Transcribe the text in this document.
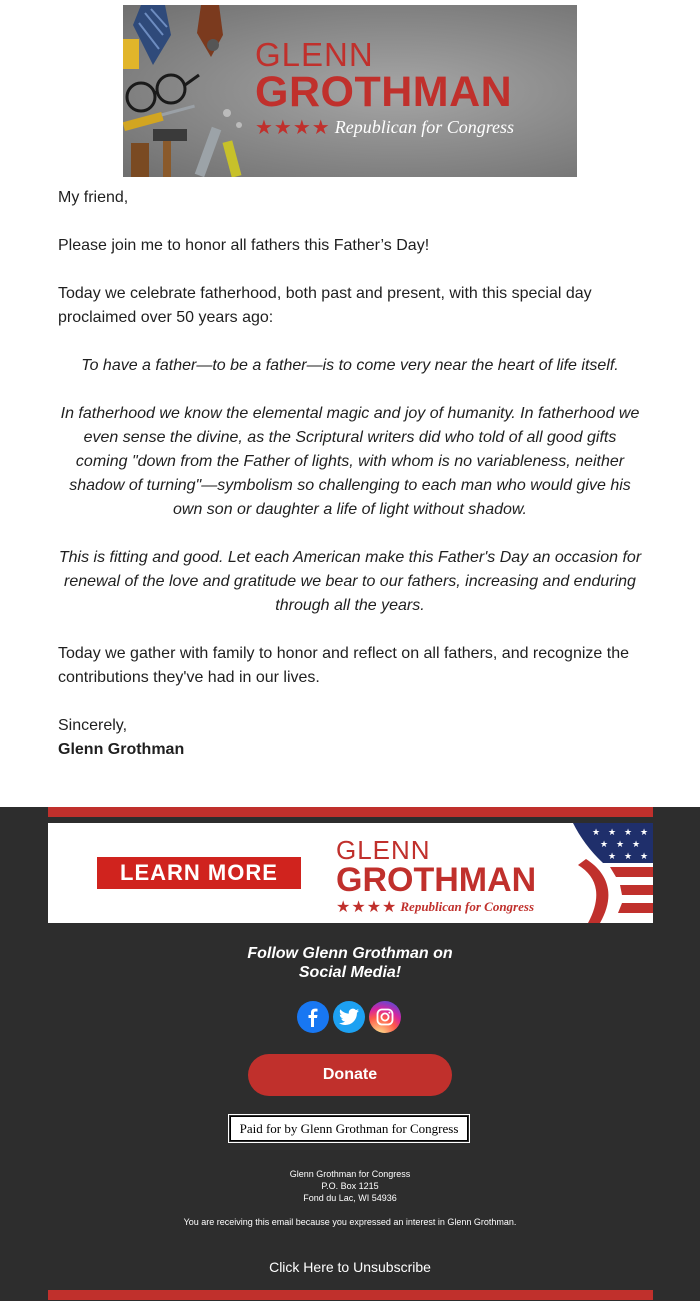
GLENN
GROTHMAN
★★★★ Republican for Congress

My friend,

Please join me to honor all fathers this Father’s Day!

Today we celebrate fatherhood, both past and present, with this special day proclaimed over 50 years ago:

To have a father—to be a father—is to come very near the heart of life itself.

In fatherhood we know the elemental magic and joy of humanity. In fatherhood we even sense the divine, as the Scriptural writers did who told of all good gifts coming "down from the Father of lights, with whom is no variableness, neither shadow of turning"—symbolism so challenging to each man who would give his own son or daughter a life of light without shadow.

This is fitting and good. Let each American make this Father's Day an occasion for renewal of the love and gratitude we bear to our fathers, increasing and enduring through all the years.

Today we gather with family to honor and reflect on all fathers, and recognize the contributions they've had in our lives.

Sincerely,

Glenn Grothman

LEARN MORE
GLENN
GROTHMAN
★★★★ Republican for Congress
★ ★ ★ ★
★ ★ ★
★ ★ ★
Follow Glenn Grothman on
Social Media!
Donate
Paid for by Glenn Grothman for Congress
Glenn Grothman for Congress
P.O. Box 1215
Fond du Lac, WI 54936
You are receiving this email because you expressed an interest in Glenn Grothman.
Click Here to Unsubscribe
